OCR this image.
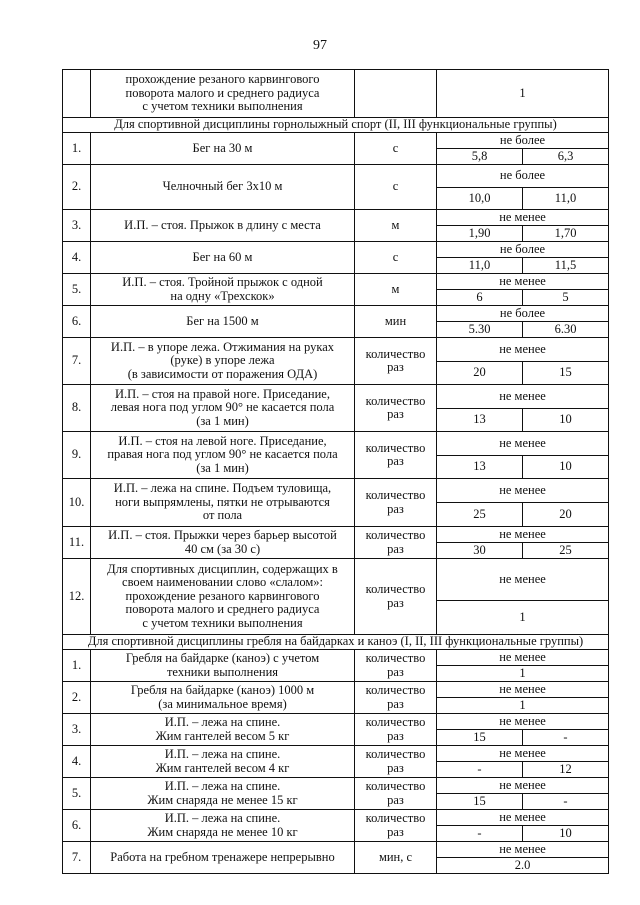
97
	прохождение резаного карвингового
поворота малого и среднего радиуса
с учетом техники выполнения		1	
Для спортивной дисциплины горнолыжный спорт (II, III функциональные группы)				
1.	Бег на 30 м	с	не более	
			5,8	6,3
2.	Челночный бег 3х10 м	с	не более	
			10,0	11,0
3.	И.П. – стоя. Прыжок в длину с места	м	не менее	
			1,90	1,70
4.	Бег на 60 м	с	не более	
			11,0	11,5
5.	И.П. – стоя. Тройной прыжок с одной
на одну «Трехскок»	м	не менее	
			6	5
6.	Бег на 1500 м	мин	не более	
			5.30	6.30
7.	И.П. – в упоре лежа. Отжимания на руках
(руке) в упоре лежа
(в зависимости от поражения ОДА)	количество
раз	не менее	
			20	15
8.	И.П. – стоя на правой ноге. Приседание,
левая нога под углом 90° не касается пола
(за 1 мин)	количество
раз	не менее	
			13	10
9.	И.П. – стоя на левой ноге. Приседание,
правая нога под углом 90° не касается пола
(за 1 мин)	количество
раз	не менее	
			13	10
10.	И.П. – лежа на спине. Подъем туловища,
ноги выпрямлены, пятки не отрываются
от пола	количество
раз	не менее	
			25	20
11.	И.П. – стоя. Прыжки через барьер высотой
40 см (за 30 с)	количество
раз	не менее	
			30	25
12.	Для спортивных дисциплин, содержащих в
своем наименовании слово «слалом»:
прохождение резаного карвингового
поворота малого и среднего радиуса
с учетом техники выполнения	количество
раз	не менее	
			1	
Для спортивной дисциплины гребля на байдарках и каноэ (I, II, III функциональные группы)				
1.	Гребля на байдарке (каноэ) с учетом
техники выполнения	количество
раз	не менее	
			1	
2.	Гребля на байдарке (каноэ) 1000 м
(за минимальное время)	количество
раз	не менее	
			1	
3.	И.П. – лежа на спине.
Жим гантелей весом 5 кг	количество
раз	не менее	
			15	-
4.	И.П. – лежа на спине.
Жим гантелей весом 4 кг	количество
раз	не менее	
			-	12
5.	И.П. – лежа на спине.
Жим снаряда не менее 15 кг	количество
раз	не менее	
			15	-
6.	И.П. – лежа на спине.
Жим снаряда не менее 10 кг	количество
раз	не менее	
			-	10
7.	Работа на гребном тренажере непрерывно	мин, с	не менее	
			2.0	
